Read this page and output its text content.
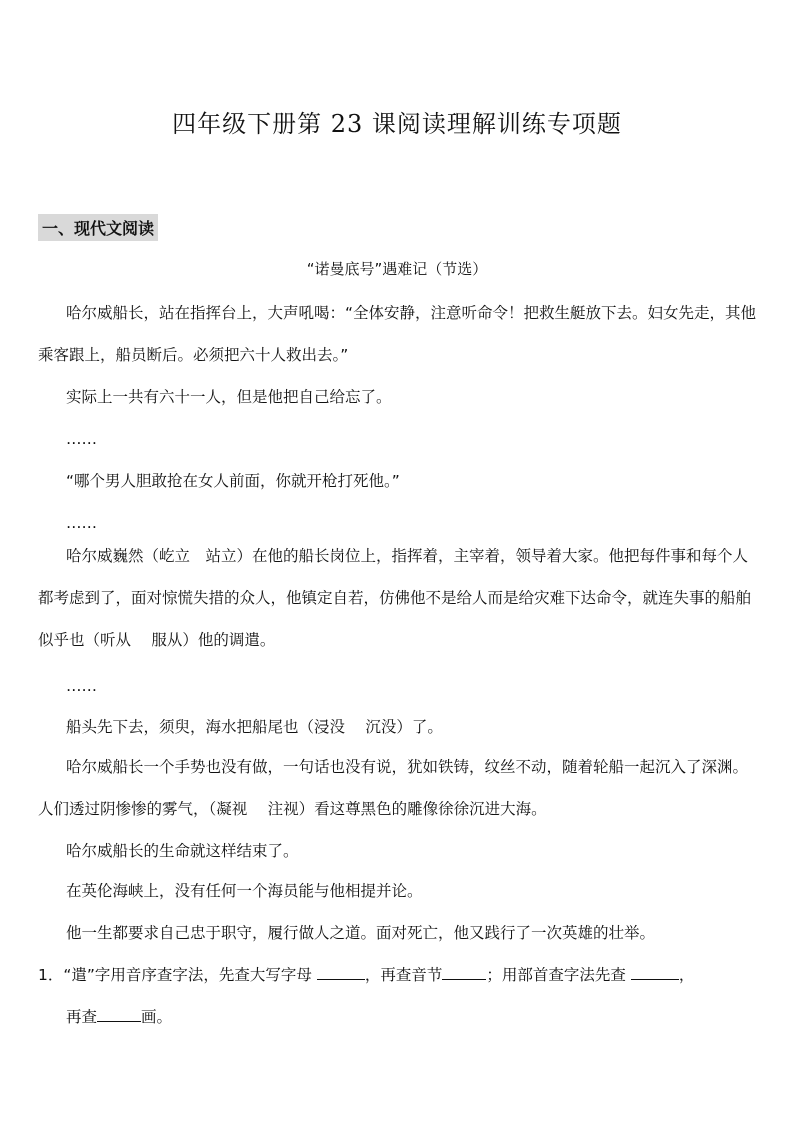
四年级下册第 23 课阅读理解训练专项题
一、现代文阅读
“诺曼底号”遇难记（节选）

哈尔威船长，站在指挥台上，大声吼喝：“全体安静，注意听命令！把救生艇放下去。妇女先走，其他乘客跟上，船员断后。必须把六十人救出去。”

实际上一共有六十一人，但是他把自己给忘了。

……

“哪个男人胆敢抢在女人前面，你就开枪打死他。”

……

哈尔威巍然（屹立　站立）在他的船长岗位上，指挥着，主宰着，领导着大家。他把每件事和每个人都考虑到了，面对惊慌失措的众人，他镇定自若，仿佛他不是给人而是给灾难下达命令，就连失事的船舶似乎也（听从　 服从）他的调遣。

……

船头先下去，须臾，海水把船尾也（浸没　 沉没）了。

哈尔威船长一个手势也没有做，一句话也没有说，犹如铁铸，纹丝不动，随着轮船一起沉入了深渊。人们透过阴惨惨的雾气，（凝视　 注视）看这尊黑色的雕像徐徐沉进大海。

哈尔威船长的生命就这样结束了。

在英伦海峡上，没有任何一个海员能与他相提并论。

他一生都要求自己忠于职守，履行做人之道。面对死亡，他又践行了一次英雄的壮举。

1．“遣”字用音序查字法，先查大写字母	，再查音节	；用部首查字法先查	，
再查	画。
